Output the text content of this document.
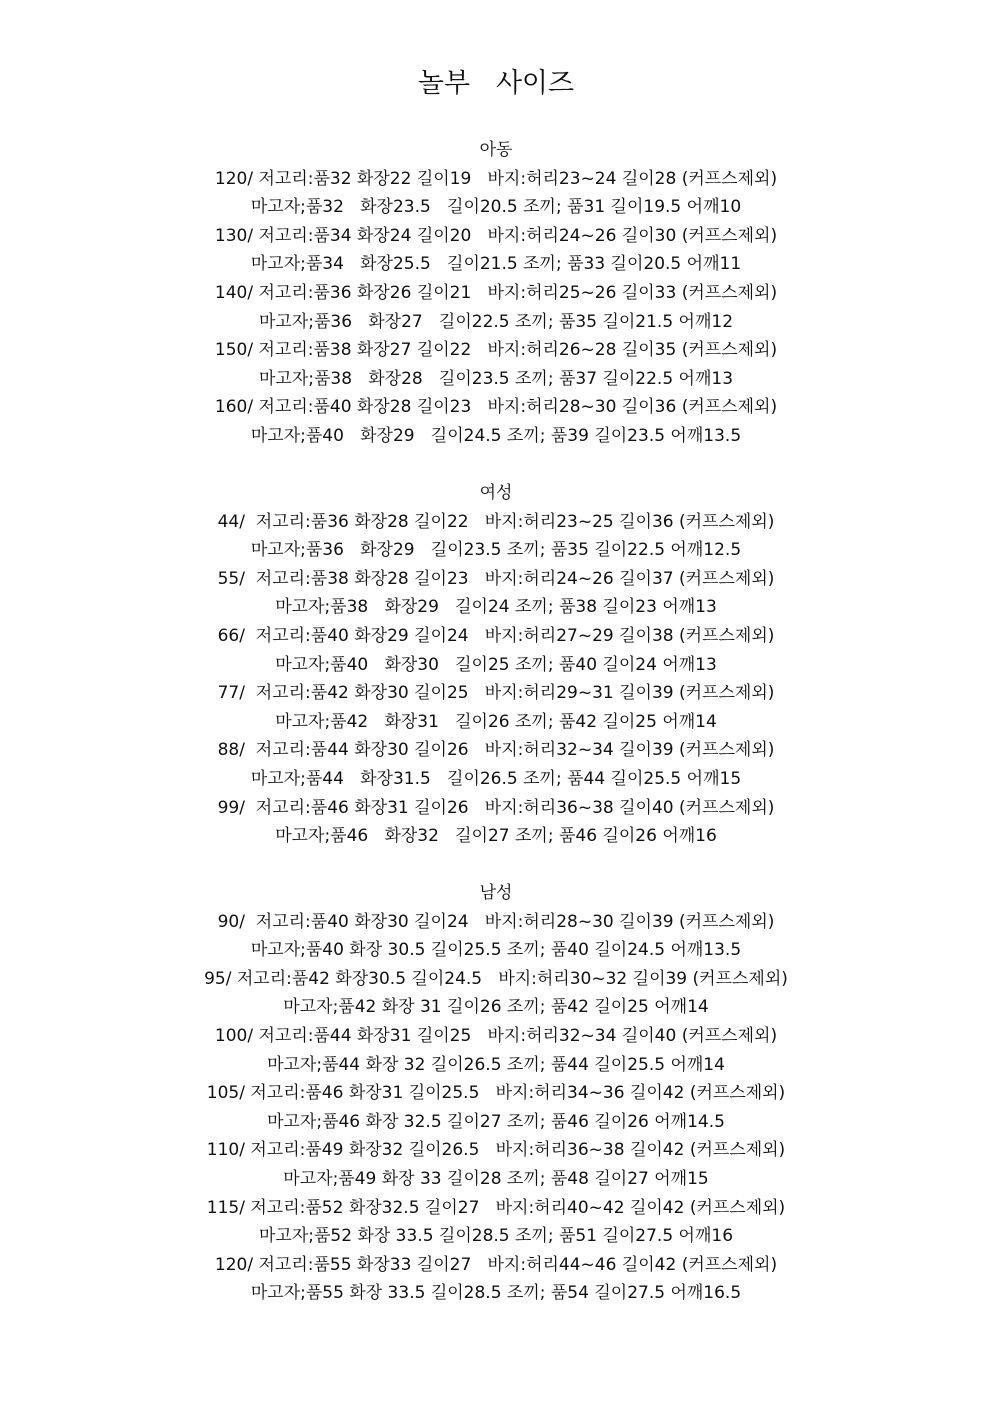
놀부   사이즈
아동
120/ 저고리:품32 화장22 길이19   바지:허리23~24 길이28 (커프스제외)
마고자;품32   화장23.5   길이20.5 조끼; 품31 길이19.5 어깨10
130/ 저고리:품34 화장24 길이20   바지:허리24~26 길이30 (커프스제외)
마고자;품34   화장25.5   길이21.5 조끼; 품33 길이20.5 어깨11
140/ 저고리:품36 화장26 길이21   바지:허리25~26 길이33 (커프스제외)
마고자;품36   화장27   길이22.5 조끼; 품35 길이21.5 어깨12
150/ 저고리:품38 화장27 길이22   바지:허리26~28 길이35 (커프스제외)
마고자;품38   화장28   길이23.5 조끼; 품37 길이22.5 어깨13
160/ 저고리:품40 화장28 길이23   바지:허리28~30 길이36 (커프스제외)
마고자;품40   화장29   길이24.5 조끼; 품39 길이23.5 어깨13.5
여성
44/  저고리:품36 화장28 길이22   바지:허리23~25 길이36 (커프스제외)
마고자;품36   화장29   길이23.5 조끼; 품35 길이22.5 어깨12.5
55/  저고리:품38 화장28 길이23   바지:허리24~26 길이37 (커프스제외)
마고자;품38   화장29   길이24 조끼; 품38 길이23 어깨13
66/  저고리:품40 화장29 길이24   바지:허리27~29 길이38 (커프스제외)
마고자;품40   화장30   길이25 조끼; 품40 길이24 어깨13
77/  저고리:품42 화장30 길이25   바지:허리29~31 길이39 (커프스제외)
마고자;품42   화장31   길이26 조끼; 품42 길이25 어깨14
88/  저고리:품44 화장30 길이26   바지:허리32~34 길이39 (커프스제외)
마고자;품44   화장31.5   길이26.5 조끼; 품44 길이25.5 어깨15
99/  저고리:품46 화장31 길이26   바지:허리36~38 길이40 (커프스제외)
마고자;품46   화장32   길이27 조끼; 품46 길이26 어깨16
남성
90/  저고리:품40 화장30 길이24   바지:허리28~30 길이39 (커프스제외)
마고자;품40 화장 30.5 길이25.5 조끼; 품40 길이24.5 어깨13.5
95/ 저고리:품42 화장30.5 길이24.5   바지:허리30~32 길이39 (커프스제외)
마고자;품42 화장 31 길이26 조끼; 품42 길이25 어깨14
100/ 저고리:품44 화장31 길이25   바지:허리32~34 길이40 (커프스제외)
마고자;품44 화장 32 길이26.5 조끼; 품44 길이25.5 어깨14
105/ 저고리:품46 화장31 길이25.5   바지:허리34~36 길이42 (커프스제외)
마고자;품46 화장 32.5 길이27 조끼; 품46 길이26 어깨14.5
110/ 저고리:품49 화장32 길이26.5   바지:허리36~38 길이42 (커프스제외)
마고자;품49 화장 33 길이28 조끼; 품48 길이27 어깨15
115/ 저고리:품52 화장32.5 길이27   바지:허리40~42 길이42 (커프스제외)
마고자;품52 화장 33.5 길이28.5 조끼; 품51 길이27.5 어깨16
120/ 저고리:품55 화장33 길이27   바지:허리44~46 길이42 (커프스제외)
마고자;품55 화장 33.5 길이28.5 조끼; 품54 길이27.5 어깨16.5
